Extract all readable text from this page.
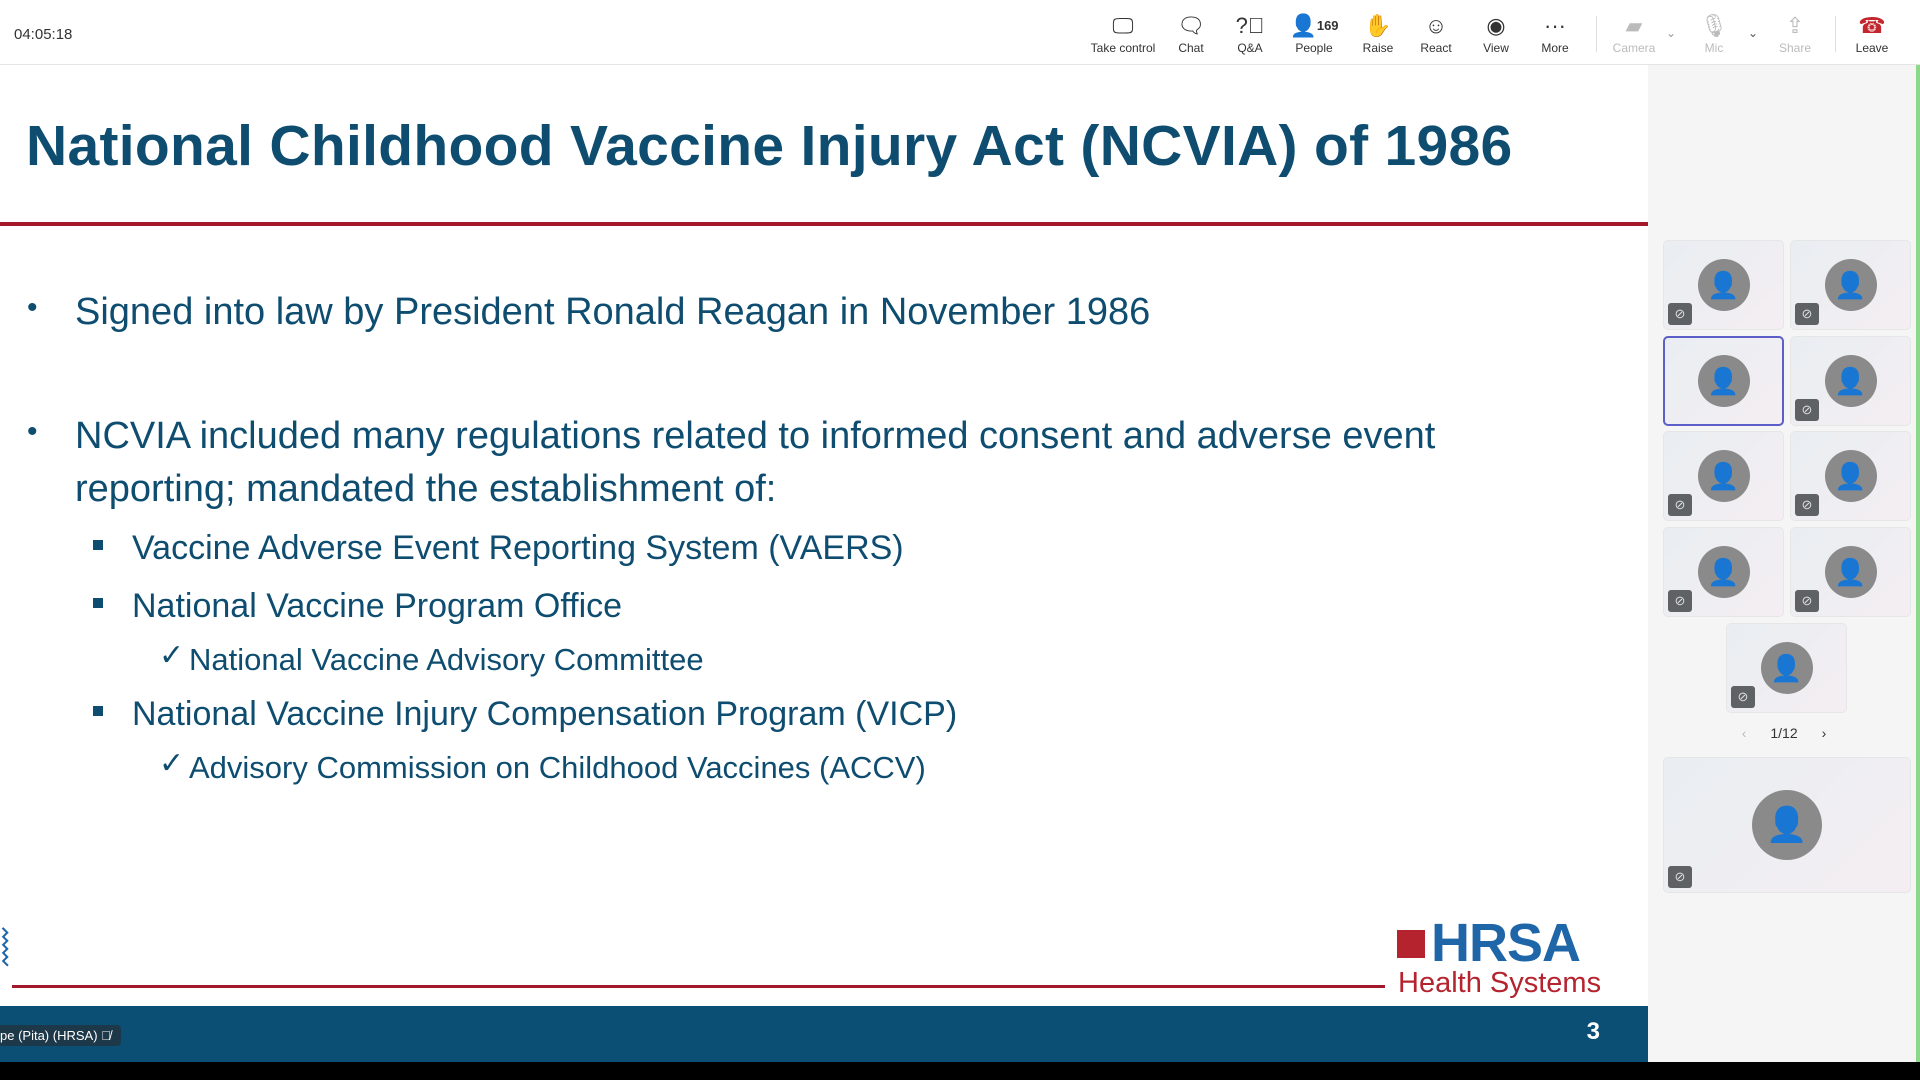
04:05:18	🖵
Take control
🗨
Chat
?⃝
Q&A
👤$^{169}$
People
✋
Raise
☺
React
◉
View
···
More
▰
Camera
⌄	🎙
Mic
⌄	⇪
Share
☎
Leave
National Childhood Vaccine Injury Act (NCVIA) of 1986
• Signed into law by President Ronald Reagan in November 1986
• NCVIA included many regulations related to informed consent and adverse event
reporting; mandated the establishment of:
Vaccine Adverse Event Reporting System (VAERS)
National Vaccine Program Office
✓ National Vaccine Advisory Committee
National Vaccine Injury Compensation Program (VICP)
✓ Advisory Commission on Childhood Vaccines (ACCV)
⦚	HRSA
Health Systems
pe (Pita) (HRSA) 🎙̸	3
👤
⊘
👤
⊘
👤	👤
⊘
👤
⊘
👤
⊘
👤
⊘
👤
⊘
👤
⊘
‹ 1/12 ›
👤
⊘
